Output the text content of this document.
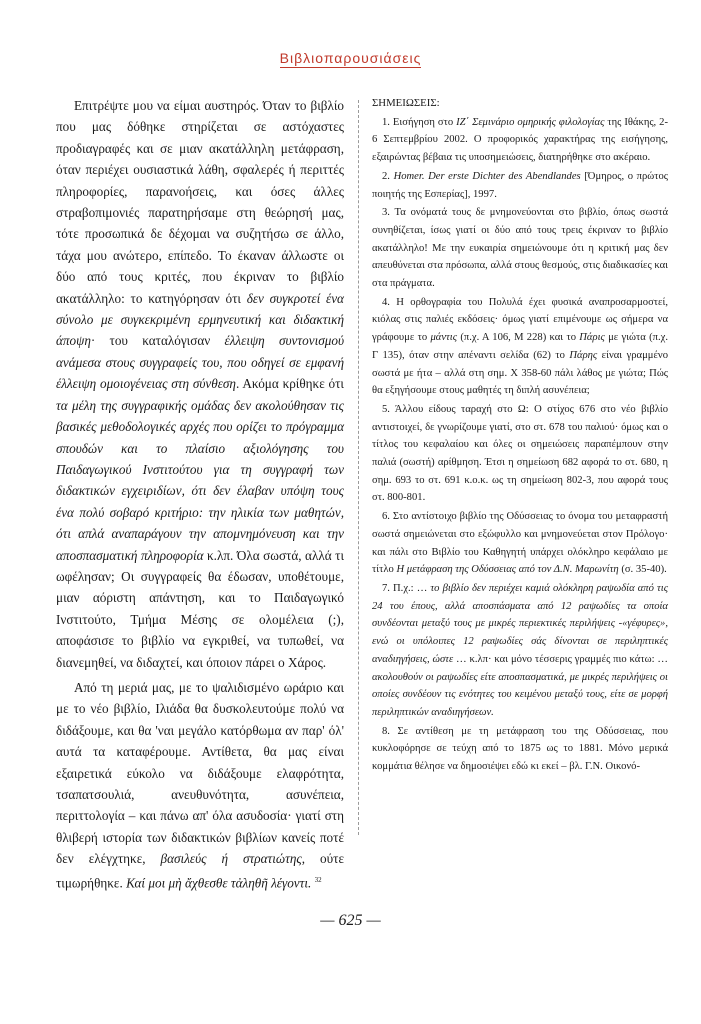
Βιβλιοπαρουσιάσεις

Επιτρέψτε μου να είμαι αυστηρός. Όταν το βιβλίο που μας δόθηκε στηρίζεται σε αστόχαστες προδιαγραφές και σε μιαν ακατάλληλη μετάφραση, όταν περιέχει ουσιαστικά λάθη, σφαλερές ή περιττές πληροφορίες, παρανοήσεις, και όσες άλλες στραβοπιμονιές παρατηρήσαμε στη θεώρησή μας, τότε προσωπικά δε δέχομαι να συζητήσω σε άλλο, τάχα μου ανώτερο, επίπεδο. Το έκαναν άλλωστε οι δύο από τους κριτές, που έκριναν το βιβλίο ακατάλληλο: το κατηγόρησαν ότι δεν συγκροτεί ένα σύνολο με συγκεκριμένη ερμηνευτική και διδακτική άποψη· του καταλόγισαν έλλειψη συντονισμού ανάμεσα στους συγγραφείς του, που οδηγεί σε εμφανή έλλειψη ομοιογένειας στη σύνθεση. Ακόμα κρίθηκε ότι τα μέλη της συγγραφικής ομάδας δεν ακολούθησαν τις βασικές μεθοδολογικές αρχές που ορίζει το πρόγραμμα σπουδών και το πλαίσιο αξιολόγησης του Παιδαγωγικού Ινστιτούτου για τη συγγραφή των διδακτικών εγχειριδίων, ότι δεν έλαβαν υπόψη τους ένα πολύ σοβαρό κριτήριο: την ηλικία των μαθητών, ότι απλά αναπαράγουν την απομνημόνευση και την αποσπασματική πληροφορία κ.λπ. Όλα σωστά, αλλά τι ωφέλησαν; Οι συγγραφείς θα έδωσαν, υποθέτουμε, μιαν αόριστη απάντηση, και το Παιδαγωγικό Ινστιτούτο, Τμήμα Μέσης σε ολομέλεια (;), αποφάσισε το βιβλίο να εγκριθεί, να τυπωθεί, να διανεμηθεί, να διδαχτεί, και όποιον πάρει ο Χάρος.

Από τη μεριά μας, με το ψαλιδισμένο ωράριο και με το νέο βιβλίο, Ιλιάδα θα δυσκολευτούμε πολύ να διδάξουμε, και θα 'ναι μεγάλο κατόρθωμα αν παρ' όλ' αυτά τα καταφέρουμε. Αντίθετα, θα μας είναι εξαιρετικά εύκολο να διδάξουμε ελαφρότητα, τσαπατσουλιά, ανευθυνότητα, ασυνέπεια, περιττολογία – και πάνω απ' όλα ασυδοσία· γιατί στη θλιβερή ιστορία των διδακτικών βιβλίων κανείς ποτέ δεν ελέγχτηκε, βασιλεύς ή στρατιώτης, ούτε τιμωρήθηκε. Καί μοι μὴ ἄχθεσθε τἀληθῆ λέγοντι. $^{32}$

ΣΗΜΕΙΩΣΕΙΣ:

1. Εισήγηση στο ΙΖ΄ Σεμινάριο ομηρικής φιλολογίας της Ιθάκης, 2-6 Σεπτεμβρίου 2002. Ο προφορικός χαρακτήρας της εισήγησης, εξαιρώντας βέβαια τις υποσημειώσεις, διατηρήθηκε στο ακέραιο.

2. Homer. Der erste Dichter des Abendlandes [Όμηρος, ο πρώτος ποιητής της Εσπερίας], 1997.

3. Τα ονόματά τους δε μνημονεύονται στο βιβλίο, όπως σωστά συνηθίζεται, ίσως γιατί οι δύο από τους τρεις έκριναν το βιβλίο ακατάλληλο! Με την ευκαιρία σημειώνουμε ότι η κριτική μας δεν απευθύνεται στα πρόσωπα, αλλά στους θεσμούς, στις διαδικασίες και στα πράγματα.

4. Η ορθογραφία του Πολυλά έχει φυσικά αναπροσαρμοστεί, κιόλας στις παλιές εκδόσεις· όμως γιατί επιμένουμε ως σήμερα να γράφουμε το μάντις (π.χ. Α 106, Μ 228) και το Πάρις με γιώτα (π.χ. Γ 135), όταν στην απέναντι σελίδα (62) το Πάρης είναι γραμμένο σωστά με ήτα – αλλά στη σημ. Χ 358-60 πάλι λάθος με γιώτα; Πώς θα εξηγήσουμε στους μαθητές τη διπλή ασυνέπεια;

5. Άλλου είδους ταραχή στο Ω: Ο στίχος 676 στο νέο βιβλίο αντιστοιχεί, δε γνωρίζουμε γιατί, στο στ. 678 του παλιού· όμως και ο τίτλος του κεφαλαίου και όλες οι σημειώσεις παραπέμπουν στην παλιά (σωστή) αρίθμηση. Έτσι η σημείωση 682 αφορά το στ. 680, η σημ. 693 το στ. 691 κ.ο.κ. ως τη σημείωση 802-3, που αφορά τους στ. 800-801.

6. Στο αντίστοιχο βιβλίο της Οδύσσειας το όνομα του μεταφραστή σωστά σημειώνεται στο εξώφυλλο και μνημονεύεται στον Πρόλογο· και πάλι στο Βιβλίο του Καθηγητή υπάρχει ολόκληρο κεφάλαιο με τίτλο Η μετάφραση της Οδύσσειας από τον Δ.Ν. Μαρωνίτη (σ. 35-40).

7. Π.χ.: … το βιβλίο δεν περιέχει καμιά ολόκληρη ραψωδία από τις 24 του έπους, αλλά αποσπάσματα από 12 ραψωδίες τα οποία συνδέονται μεταξύ τους με μικρές περιεκτικές περιλήψεις -«γέφυρες», ενώ οι υπόλοιπες 12 ραψωδίες σάς δίνονται σε περιληπτικές αναδιηγήσεις, ώστε … κ.λπ· και μόνο τέσσερις γραμμές πιο κάτω: … ακολουθούν οι ραψωδίες είτε αποσπασματικά, με μικρές περιλήψεις οι οποίες συνδέουν τις ενότητες του κειμένου μεταξύ τους, είτε σε μορφή περιληπτικών αναδιηγήσεων.

8. Σε αντίθεση με τη μετάφραση του της Οδύσσειας, που κυκλοφόρησε σε τεύχη από το 1875 ως το 1881. Μόνο μερικά κομμάτια θέλησε να δημοσιέψει εδώ κι εκεί – βλ. Γ.Ν. Οικονό-

— 625 —
